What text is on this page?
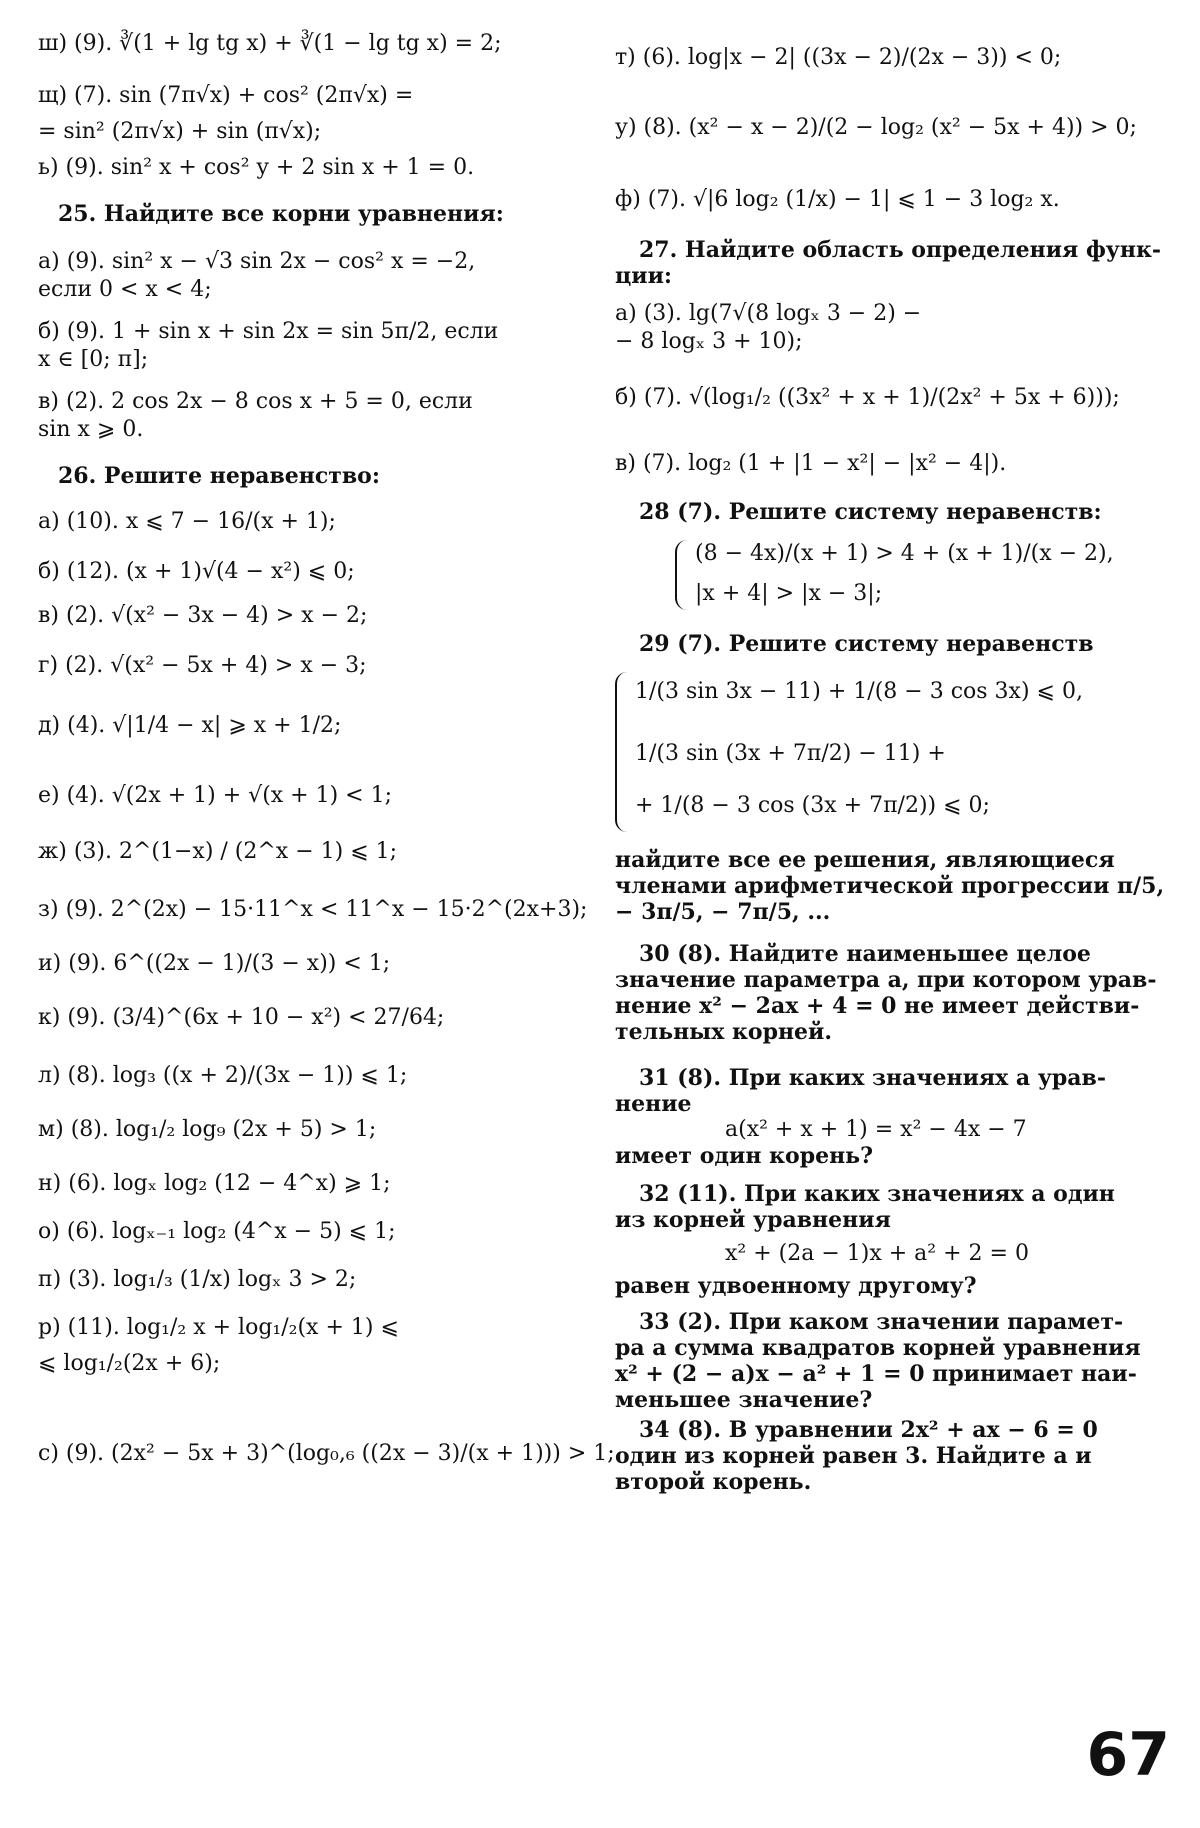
ш) (9). ∛(1 + lg tg x) + ∛(1 − lg tg x) = 2;
щ) (7). sin (7π√x) + cos² (2π√x) =
= sin² (2π√x) + sin (π√x);
ь) (9). sin² x + cos² y + 2 sin x + 1 = 0.
25. Найдите все корни уравнения:
а) (9). sin² x − √3 sin 2x − cos² x = −2,
если 0 < x < 4;
б) (9). 1 + sin x + sin 2x = sin 5π/2, если
x ∈ [0; π];
в) (2). 2 cos 2x − 8 cos x + 5 = 0, если
sin x ⩾ 0.
26. Решите неравенство:
а) (10). x ⩽ 7 − 16/(x + 1);
б) (12). (x + 1)√(4 − x²) ⩽ 0;
в) (2). √(x² − 3x − 4) > x − 2;
г) (2). √(x² − 5x + 4) > x − 3;
д) (4). √|1/4 − x| ⩾ x + 1/2;
е) (4). √(2x + 1) + √(x + 1) < 1;
ж) (3). 2^(1−x) / (2^x − 1) ⩽ 1;
з) (9). 2^(2x) − 15·11^x < 11^x − 15·2^(2x+3);
и) (9). 6^((2x − 1)/(3 − x)) < 1;
к) (9). (3/4)^(6x + 10 − x²) < 27/64;
л) (8). log₃ ((x + 2)/(3x − 1)) ⩽ 1;
м) (8). log₁/₂ log₉ (2x + 5) > 1;
н) (6). logₓ log₂ (12 − 4^x) ⩾ 1;
о) (6). logₓ₋₁ log₂ (4^x − 5) ⩽ 1;
п) (3). log₁/₃ (1/x) logₓ 3 > 2;
р) (11). log₁/₂ x + log₁/₂(x + 1) ⩽
⩽ log₁/₂(2x + 6);
с) (9). (2x² − 5x + 3)^(log₀,₆ ((2x − 3)/(x + 1))) > 1;
т) (6). log|x − 2| ((3x − 2)/(2x − 3)) < 0;
у) (8). (x² − x − 2)/(2 − log₂ (x² − 5x + 4)) > 0;
ф) (7). √|6 log₂ (1/x) − 1| ⩽ 1 − 3 log₂ x.
27. Найдите область определения функ-
ции:
а) (3). lg(7√(8 logₓ 3 − 2) −
− 8 logₓ 3 + 10);
б) (7). √(log₁/₂ ((3x² + x + 1)/(2x² + 5x + 6)));
в) (7). log₂ (1 + |1 − x²| − |x² − 4|).
28 (7). Решите систему неравенств:
(8 − 4x)/(x + 1) > 4 + (x + 1)/(x − 2),
|x + 4| > |x − 3|;
29 (7). Решите систему неравенств
1/(3 sin 3x − 11) + 1/(8 − 3 cos 3x) ⩽ 0,
1/(3 sin (3x + 7π/2) − 11) +
+ 1/(8 − 3 cos (3x + 7π/2)) ⩽ 0;
найдите все ее решения, являющиеся
членами арифметической прогрессии π/5,
− 3π/5, − 7π/5, ...
30 (8). Найдите наименьшее целое
значение параметра a, при котором урав-
нение x² − 2ax + 4 = 0 не имеет действи-
тельных корней.
31 (8). При каких значениях a урав-
нение
a(x² + x + 1) = x² − 4x − 7
имеет один корень?
32 (11). При каких значениях a один
из корней уравнения
x² + (2a − 1)x + a² + 2 = 0
равен удвоенному другому?
33 (2). При каком значении парамет-
ра a сумма квадратов корней уравнения
x² + (2 − a)x − a² + 1 = 0 принимает наи-
меньшее значение?
34 (8). В уравнении 2x² + ax − 6 = 0
один из корней равен 3. Найдите a и
второй корень.
67
